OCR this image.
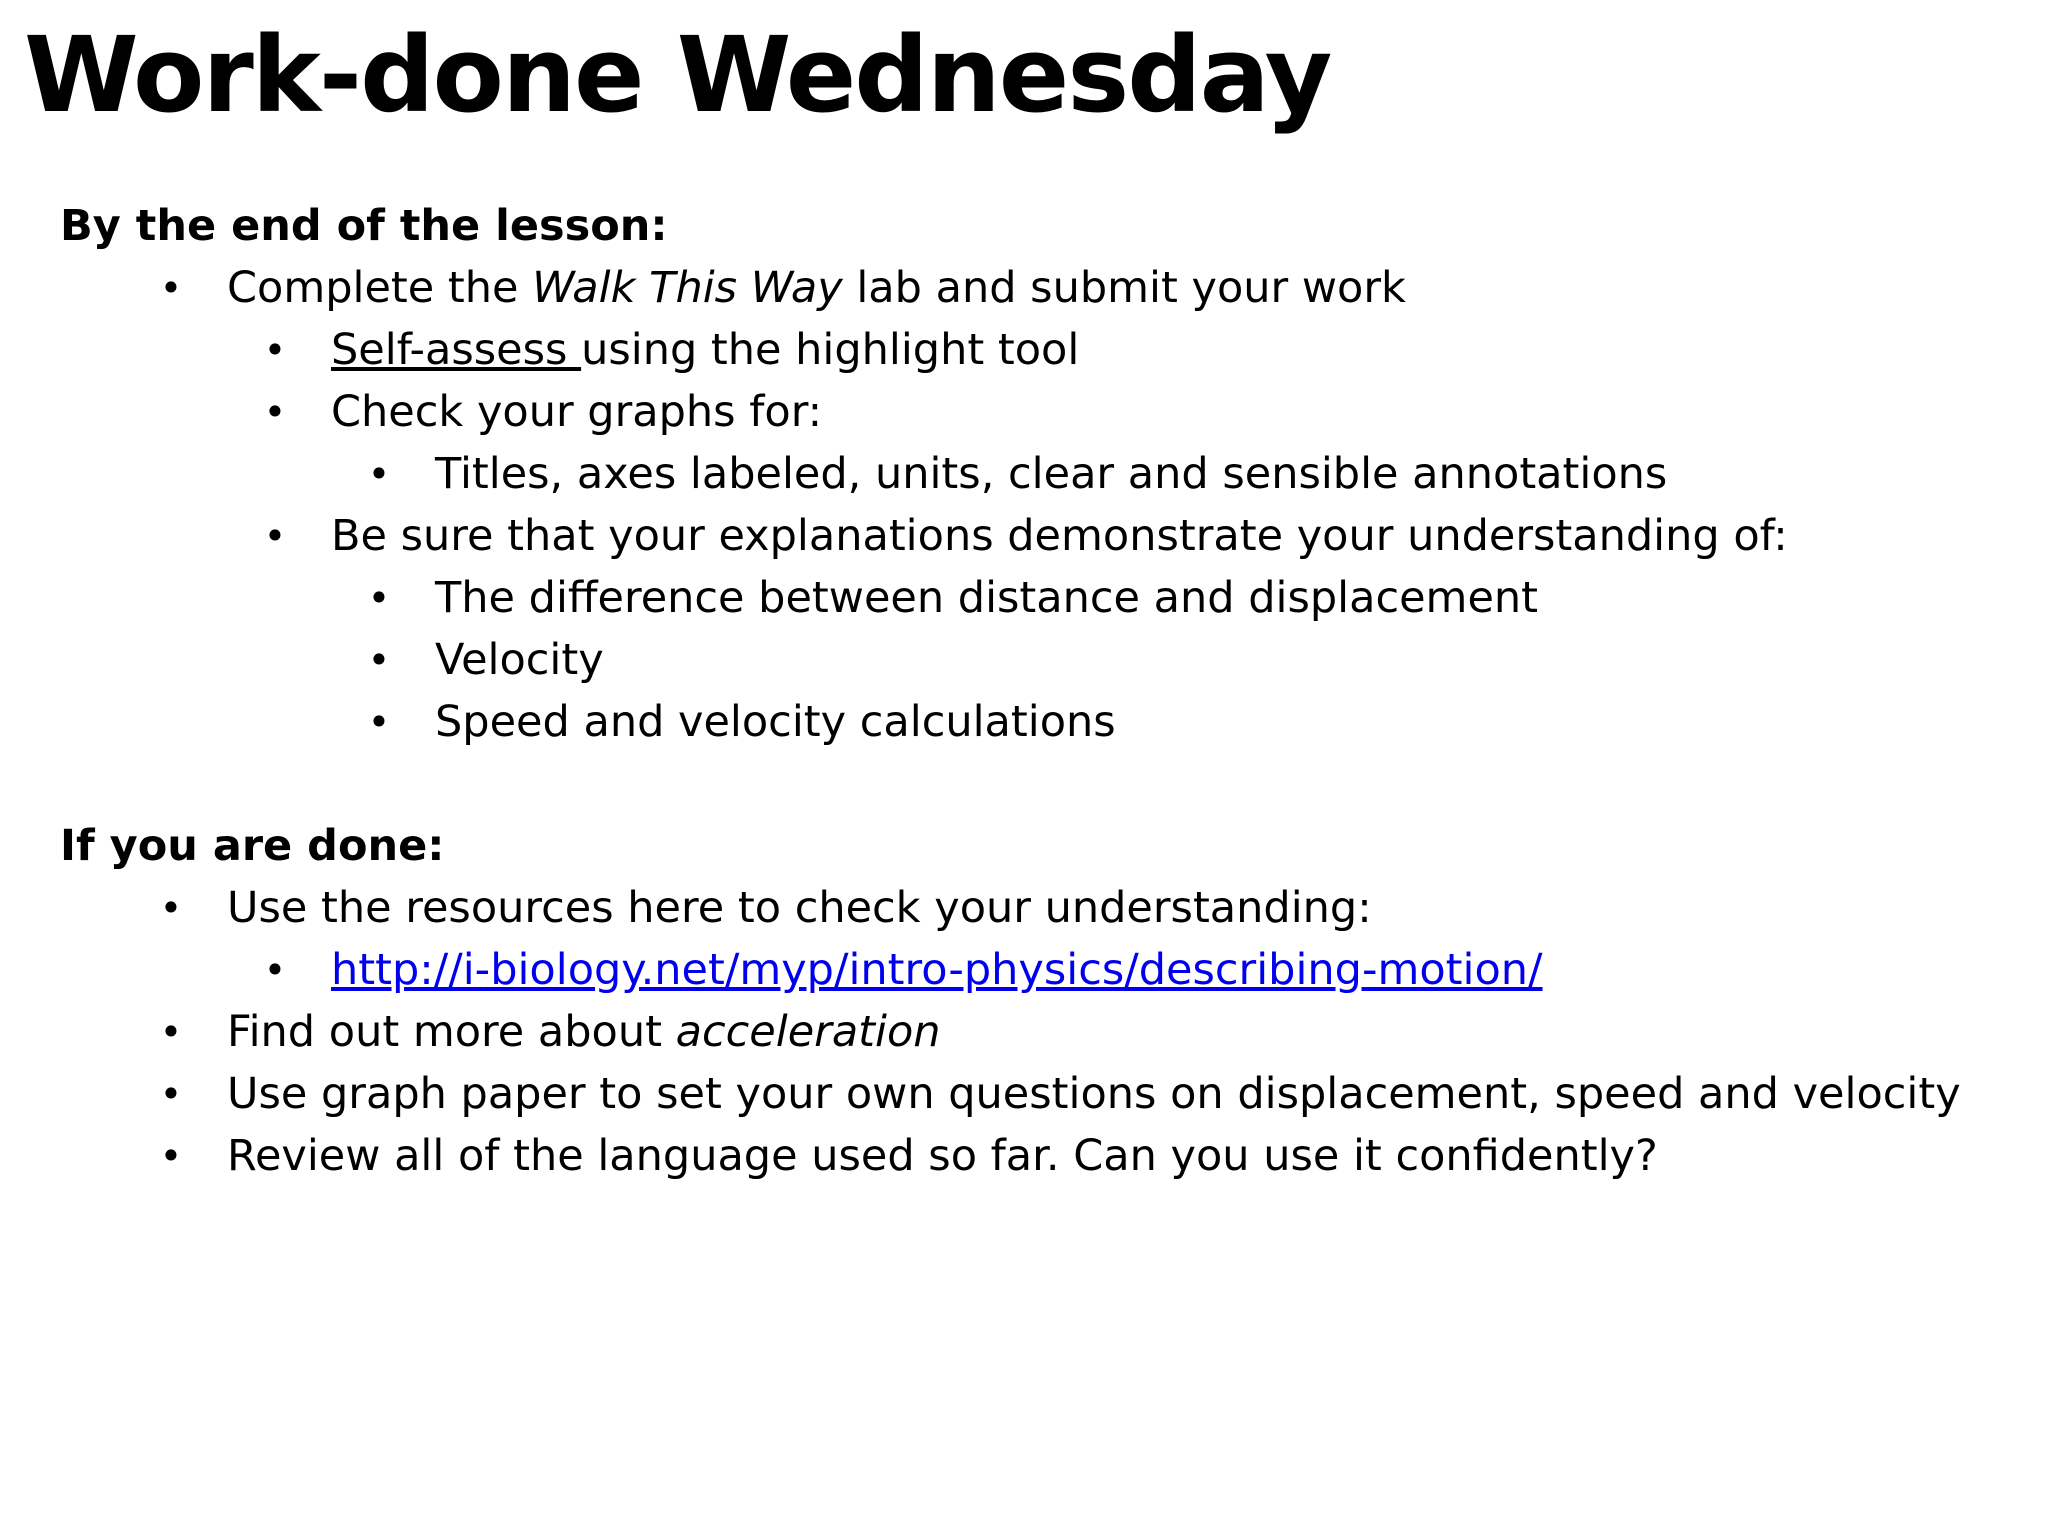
Work-done Wednesday
By the end of the lesson:
• Complete the Walk This Way lab and submit your work
• Self-assess using the highlight tool
• Check your graphs for:
• Titles, axes labeled, units, clear and sensible annotations
• Be sure that your explanations demonstrate your understanding of:
• The difference between distance and displacement
• Velocity
• Speed and velocity calculations
If you are done:
• Use the resources here to check your understanding:
• http://i-biology.net/myp/intro-physics/describing-motion/
• Find out more about acceleration
• Use graph paper to set your own questions on displacement, speed and velocity
• Review all of the language used so far. Can you use it confidently?
